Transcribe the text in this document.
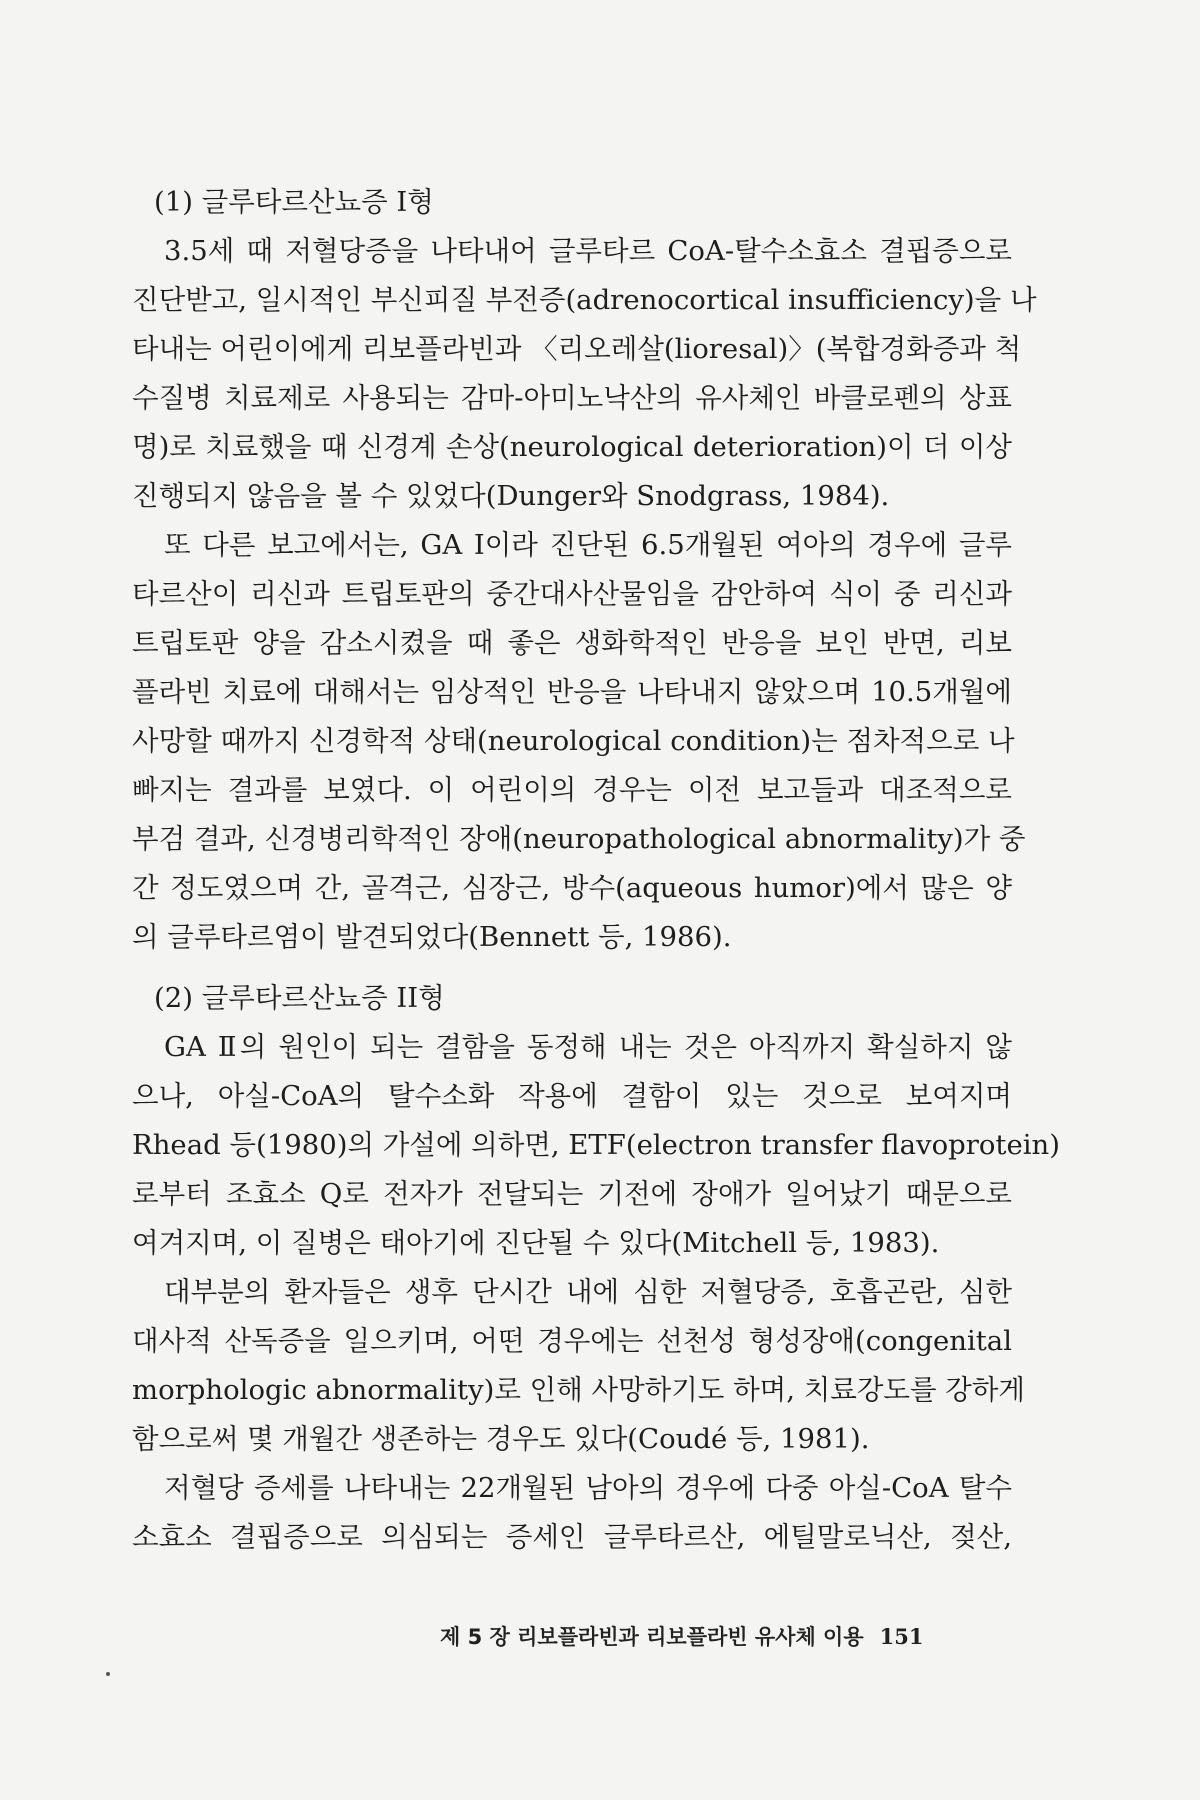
(1) 글루타르산뇨증 I형
3.5세 때 저혈당증을 나타내어 글루타르 CoA-탈수소효소 결핍증으로
진단받고, 일시적인 부신피질 부전증(adrenocortical insufficiency)을 나
타내는 어린이에게 리보플라빈과 〈리오레살(lioresal)〉(복합경화증과 척
수질병 치료제로 사용되는 감마-아미노낙산의 유사체인 바클로펜의 상표
명)로 치료했을 때 신경계 손상(neurological deterioration)이 더 이상
진행되지 않음을 볼 수 있었다(Dunger와 Snodgrass, 1984).
또 다른 보고에서는, GA I이라 진단된 6.5개월된 여아의 경우에 글루
타르산이 리신과 트립토판의 중간대사산물임을 감안하여 식이 중 리신과
트립토판 양을 감소시켰을 때 좋은 생화학적인 반응을 보인 반면, 리보
플라빈 치료에 대해서는 임상적인 반응을 나타내지 않았으며 10.5개월에
사망할 때까지 신경학적 상태(neurological condition)는 점차적으로 나
빠지는 결과를 보였다. 이 어린이의 경우는 이전 보고들과 대조적으로
부검 결과, 신경병리학적인 장애(neuropathological abnormality)가 중
간 정도였으며 간, 골격근, 심장근, 방수(aqueous humor)에서 많은 양
의 글루타르염이 발견되었다(Bennett 등, 1986).
(2) 글루타르산뇨증 II형
GA Ⅱ의 원인이 되는 결함을 동정해 내는 것은 아직까지 확실하지 않
으나, 아실-CoA의 탈수소화 작용에 결함이 있는 것으로 보여지며
Rhead 등(1980)의 가설에 의하면, ETF(electron transfer flavoprotein)
로부터 조효소 Q로 전자가 전달되는 기전에 장애가 일어났기 때문으로
여겨지며, 이 질병은 태아기에 진단될 수 있다(Mitchell 등, 1983).
대부분의 환자들은 생후 단시간 내에 심한 저혈당증, 호흡곤란, 심한
대사적 산독증을 일으키며, 어떤 경우에는 선천성 형성장애(congenital
morphologic abnormality)로 인해 사망하기도 하며, 치료강도를 강하게
함으로써 몇 개월간 생존하는 경우도 있다(Coudé 등, 1981).
저혈당 증세를 나타내는 22개월된 남아의 경우에 다중 아실-CoA 탈수
소효소 결핍증으로 의심되는 증세인 글루타르산, 에틸말로닉산, 젖산,
제 5 장 리보플라빈과 리보플라빈 유사체 이용 151
